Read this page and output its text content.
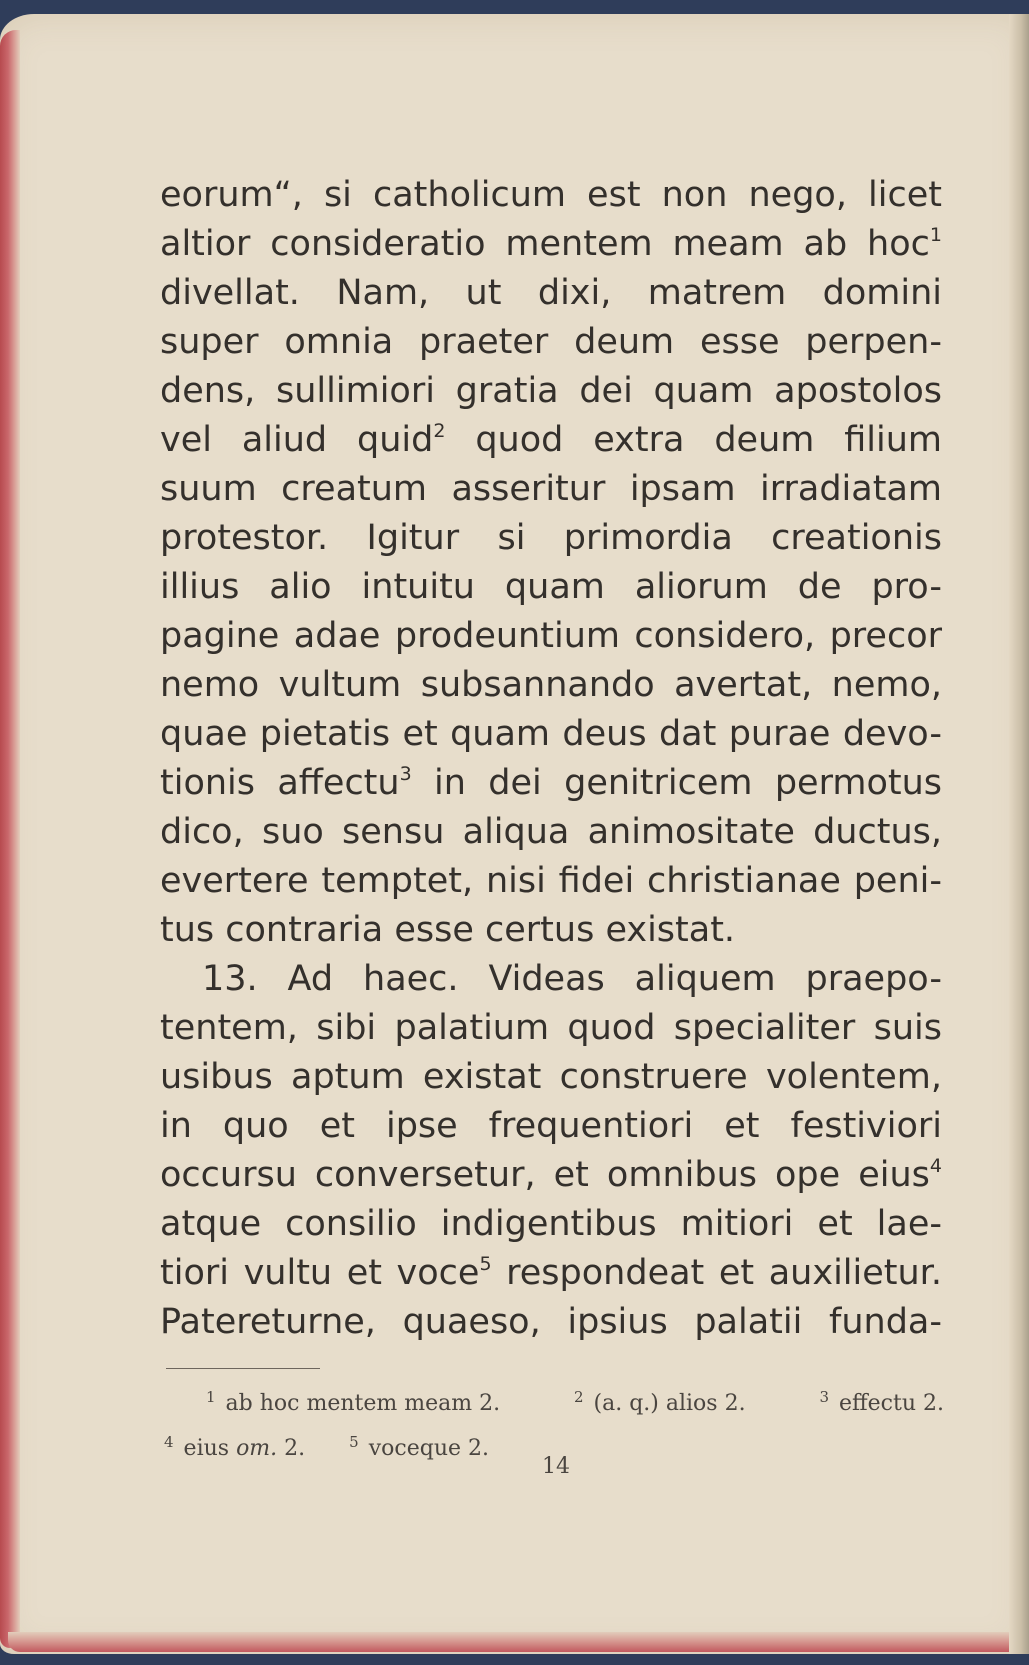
eorum“, si catholicum est non nego, licet
altior consideratio mentem meam ab hoc$^1$
divellat. Nam, ut dixi, matrem domini
super omnia praeter deum esse perpen-
dens, sullimiori gratia dei quam apostolos
vel aliud quid$^2$ quod extra deum filium
suum creatum asseritur ipsam irradiatam
protestor. Igitur si primordia creationis
illius alio intuitu quam aliorum de pro-
pagine adae prodeuntium considero, precor
nemo vultum subsannando avertat, nemo,
quae pietatis et quam deus dat purae devo-
tionis affectu$^3$ in dei genitricem permotus
dico, suo sensu aliqua animositate ductus,
evertere temptet, nisi fidei christianae peni-
tus contraria esse certus existat.
13. Ad haec. Videas aliquem praepo-
tentem, sibi palatium quod specialiter suis
usibus aptum existat construere volentem,
in quo et ipse frequentiori et festiviori
occursu conversetur, et omnibus ope eius$^4$
atque consilio indigentibus mitiori et lae-
tiori vultu et voce$^5$ respondeat et auxilietur.
Patereturne, quaeso, ipsius palatii funda-
$^1$ ab hoc mentem meam 2.	$^2$ (a. q.) alios 2.	$^3$ effectu 2.
$^4$ eius om. 2.	$^5$ voceque 2.
14
